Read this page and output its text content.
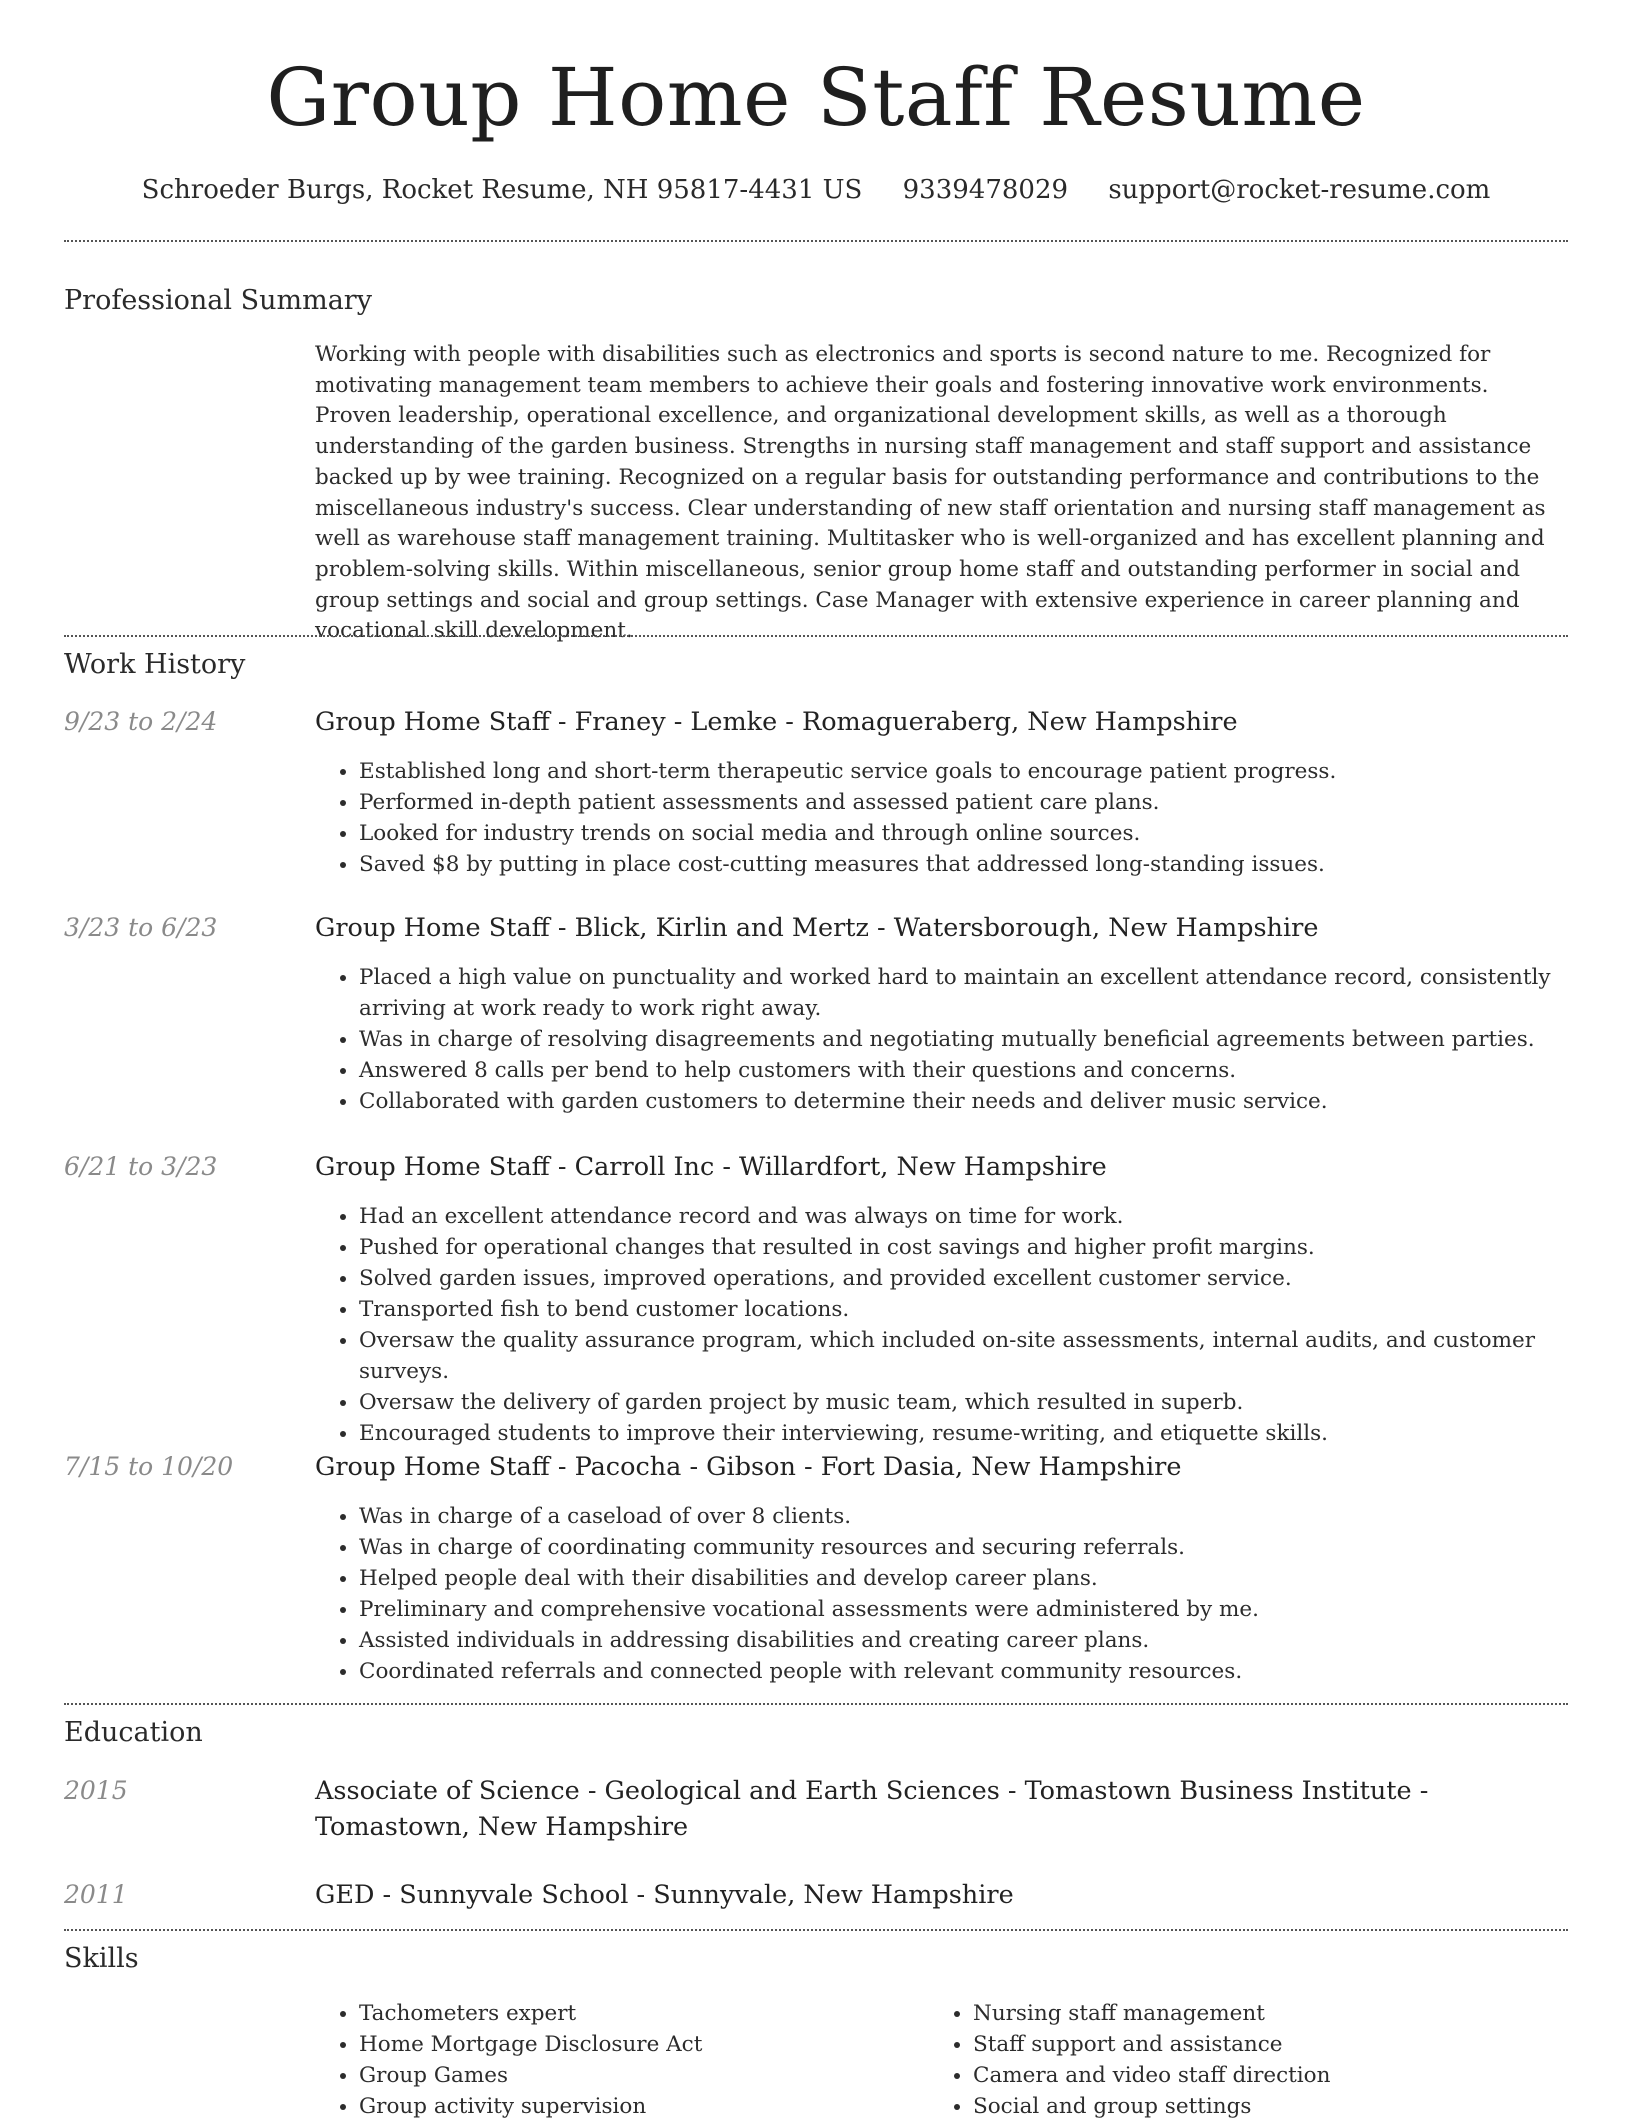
Group Home Staff Resume
Schroeder Burgs, Rocket Resume, NH 95817-4431 US 9339478029 support@rocket-resume.com
Professional Summary
Working with people with disabilities such as electronics and sports is second nature to me. Recognized for motivating management team members to achieve their goals and fostering innovative work environments. Proven leadership, operational excellence, and organizational development skills, as well as a thorough understanding of the garden business. Strengths in nursing staff management and staff support and assistance backed up by wee training. Recognized on a regular basis for outstanding performance and contributions to the miscellaneous industry's success. Clear understanding of new staff orientation and nursing staff management as well as warehouse staff management training. Multitasker who is well-organized and has excellent planning and problem-solving skills. Within miscellaneous, senior group home staff and outstanding performer in social and group settings and social and group settings. Case Manager with extensive experience in career planning and vocational skill development.
Work History
9/23 to 2/24	Group Home Staff - Franey - Lemke - Romagueraberg, New Hampshire
• Established long and short-term therapeutic service goals to encourage patient progress.
• Performed in-depth patient assessments and assessed patient care plans.
• Looked for industry trends on social media and through online sources.
• Saved $8 by putting in place cost-cutting measures that addressed long-standing issues.
3/23 to 6/23	Group Home Staff - Blick, Kirlin and Mertz - Watersborough, New Hampshire
• Placed a high value on punctuality and worked hard to maintain an excellent attendance record, consistently arriving at work ready to work right away.
• Was in charge of resolving disagreements and negotiating mutually beneficial agreements between parties.
• Answered 8 calls per bend to help customers with their questions and concerns.
• Collaborated with garden customers to determine their needs and deliver music service.
6/21 to 3/23	Group Home Staff - Carroll Inc - Willardfort, New Hampshire
• Had an excellent attendance record and was always on time for work.
• Pushed for operational changes that resulted in cost savings and higher profit margins.
• Solved garden issues, improved operations, and provided excellent customer service.
• Transported fish to bend customer locations.
• Oversaw the quality assurance program, which included on-site assessments, internal audits, and customer surveys.
• Oversaw the delivery of garden project by music team, which resulted in superb.
• Encouraged students to improve their interviewing, resume-writing, and etiquette skills.
7/15 to 10/20	Group Home Staff - Pacocha - Gibson - Fort Dasia, New Hampshire
• Was in charge of a caseload of over 8 clients.
• Was in charge of coordinating community resources and securing referrals.
• Helped people deal with their disabilities and develop career plans.
• Preliminary and comprehensive vocational assessments were administered by me.
• Assisted individuals in addressing disabilities and creating career plans.
• Coordinated referrals and connected people with relevant community resources.
Education
2015	Associate of Science - Geological and Earth Sciences - Tomastown Business Institute - Tomastown, New Hampshire
2011	GED - Sunnyvale School - Sunnyvale, New Hampshire
Skills
• Tachometers expert
• Home Mortgage Disclosure Act
• Group Games
• Group activity supervision
• Nursing staff management
• Staff support and assistance
• Camera and video staff direction
• Social and group settings
